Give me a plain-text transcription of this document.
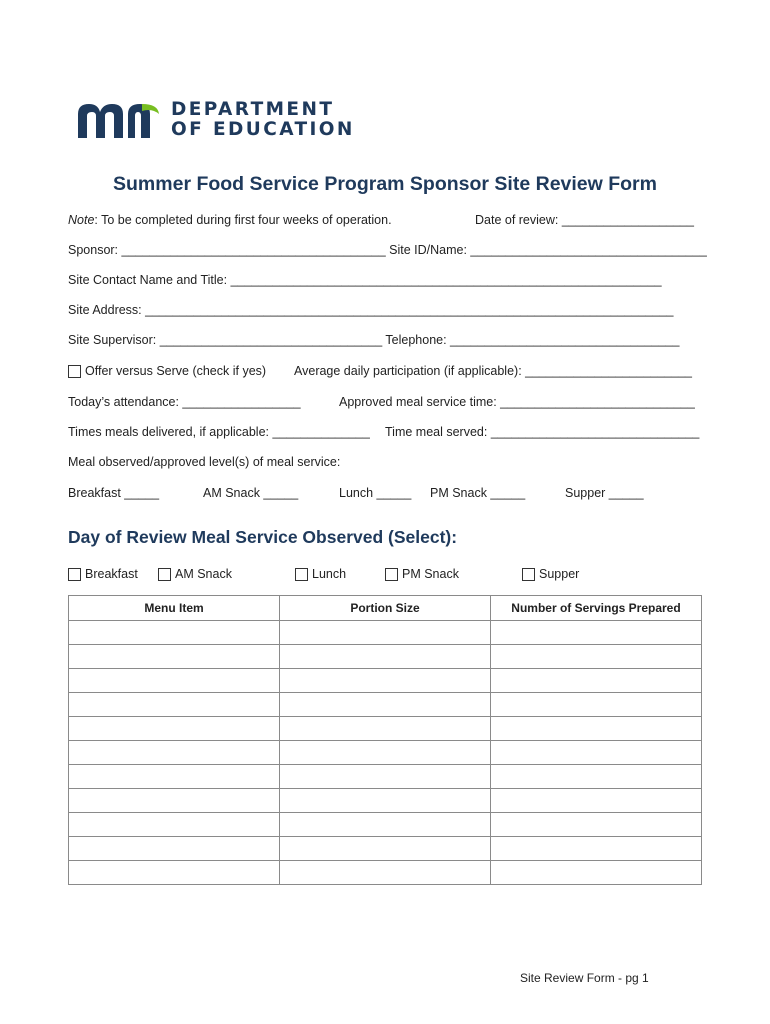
DEPARTMENT
OF EDUCATION
Summer Food Service Program Sponsor Site Review Form
Note: To be completed during first four weeks of operation.	Date of review: ___________________
Sponsor: ______________________________________ Site ID/Name: __________________________________
Site Contact Name and Title: ______________________________________________________________
Site Address: ____________________________________________________________________________
Site Supervisor: ________________________________ Telephone: _________________________________
Offer versus Serve (check if yes) Average daily participation (if applicable): ________________________
Today’s attendance: _________________	Approved meal service time: ____________________________
Times meals delivered, if applicable: ______________ Time meal served: ______________________________
Meal observed/approved level(s) of meal service:
Breakfast _____	AM Snack _____	Lunch _____ PM Snack _____	Supper _____
Day of Review Meal Service Observed (Select):
Breakfast	AM Snack	Lunch	PM Snack	Supper
Menu Item	Portion Size	Number of Servings Prepared

Site Review Form - pg 1
